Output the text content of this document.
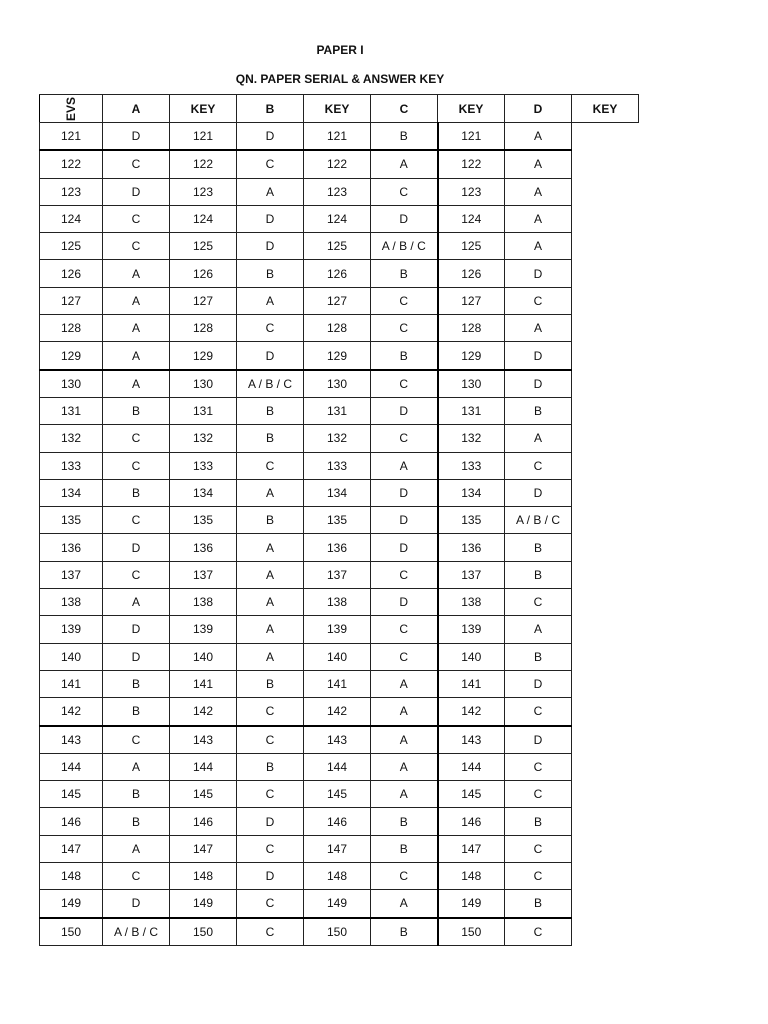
PAPER I
QN. PAPER SERIAL & ANSWER KEY
EVS	A	KEY	B	KEY	C	KEY	D	KEY
121	D	121	D	121	B	121	A	
122	C	122	C	122	A	122	A	
123	D	123	A	123	C	123	A	
124	C	124	D	124	D	124	A	
125	C	125	D	125	A / B / C	125	A	
126	A	126	B	126	B	126	D	
127	A	127	A	127	C	127	C	
128	A	128	C	128	C	128	A	
129	A	129	D	129	B	129	D	
130	A	130	A / B / C	130	C	130	D	
131	B	131	B	131	D	131	B	
132	C	132	B	132	C	132	A	
133	C	133	C	133	A	133	C	
134	B	134	A	134	D	134	D	
135	C	135	B	135	D	135	A / B / C	
136	D	136	A	136	D	136	B	
137	C	137	A	137	C	137	B	
138	A	138	A	138	D	138	C	
139	D	139	A	139	C	139	A	
140	D	140	A	140	C	140	B	
141	B	141	B	141	A	141	D	
142	B	142	C	142	A	142	C	
143	C	143	C	143	A	143	D	
144	A	144	B	144	A	144	C	
145	B	145	C	145	A	145	C	
146	B	146	D	146	B	146	B	
147	A	147	C	147	B	147	C	
148	C	148	D	148	C	148	C	
149	D	149	C	149	A	149	B	
150	A / B / C	150	C	150	B	150	C	
